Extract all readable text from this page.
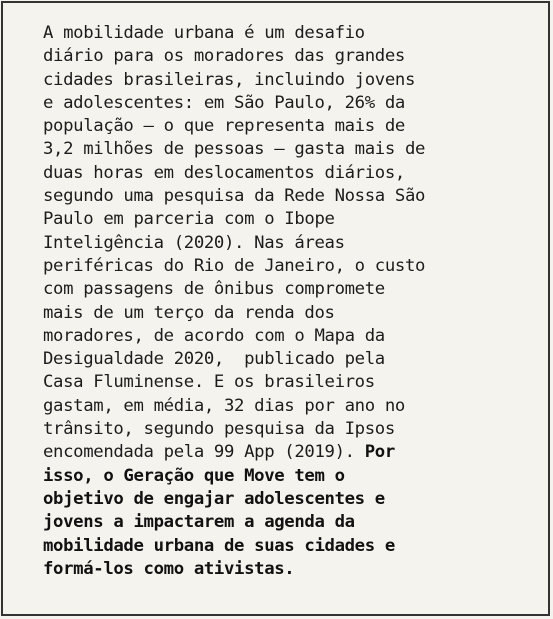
A mobilidade urbana é um desafio
diário para os moradores das grandes
cidades brasileiras, incluindo jovens
e adolescentes: em São Paulo, 26% da
população – o que representa mais de
3,2 milhões de pessoas – gasta mais de
duas horas em deslocamentos diários,
segundo uma pesquisa da Rede Nossa São
Paulo em parceria com o Ibope
Inteligência (2020). Nas áreas
periféricas do Rio de Janeiro, o custo
com passagens de ônibus compromete
mais de um terço da renda dos
moradores, de acordo com o Mapa da
Desigualdade 2020,  publicado pela
Casa Fluminense. E os brasileiros
gastam, em média, 32 dias por ano no
trânsito, segundo pesquisa da Ipsos
encomendada pela 99 App (2019). Por
isso, o Geração que Move tem o
objetivo de engajar adolescentes e
jovens a impactarem a agenda da
mobilidade urbana de suas cidades e
formá-los como ativistas.
